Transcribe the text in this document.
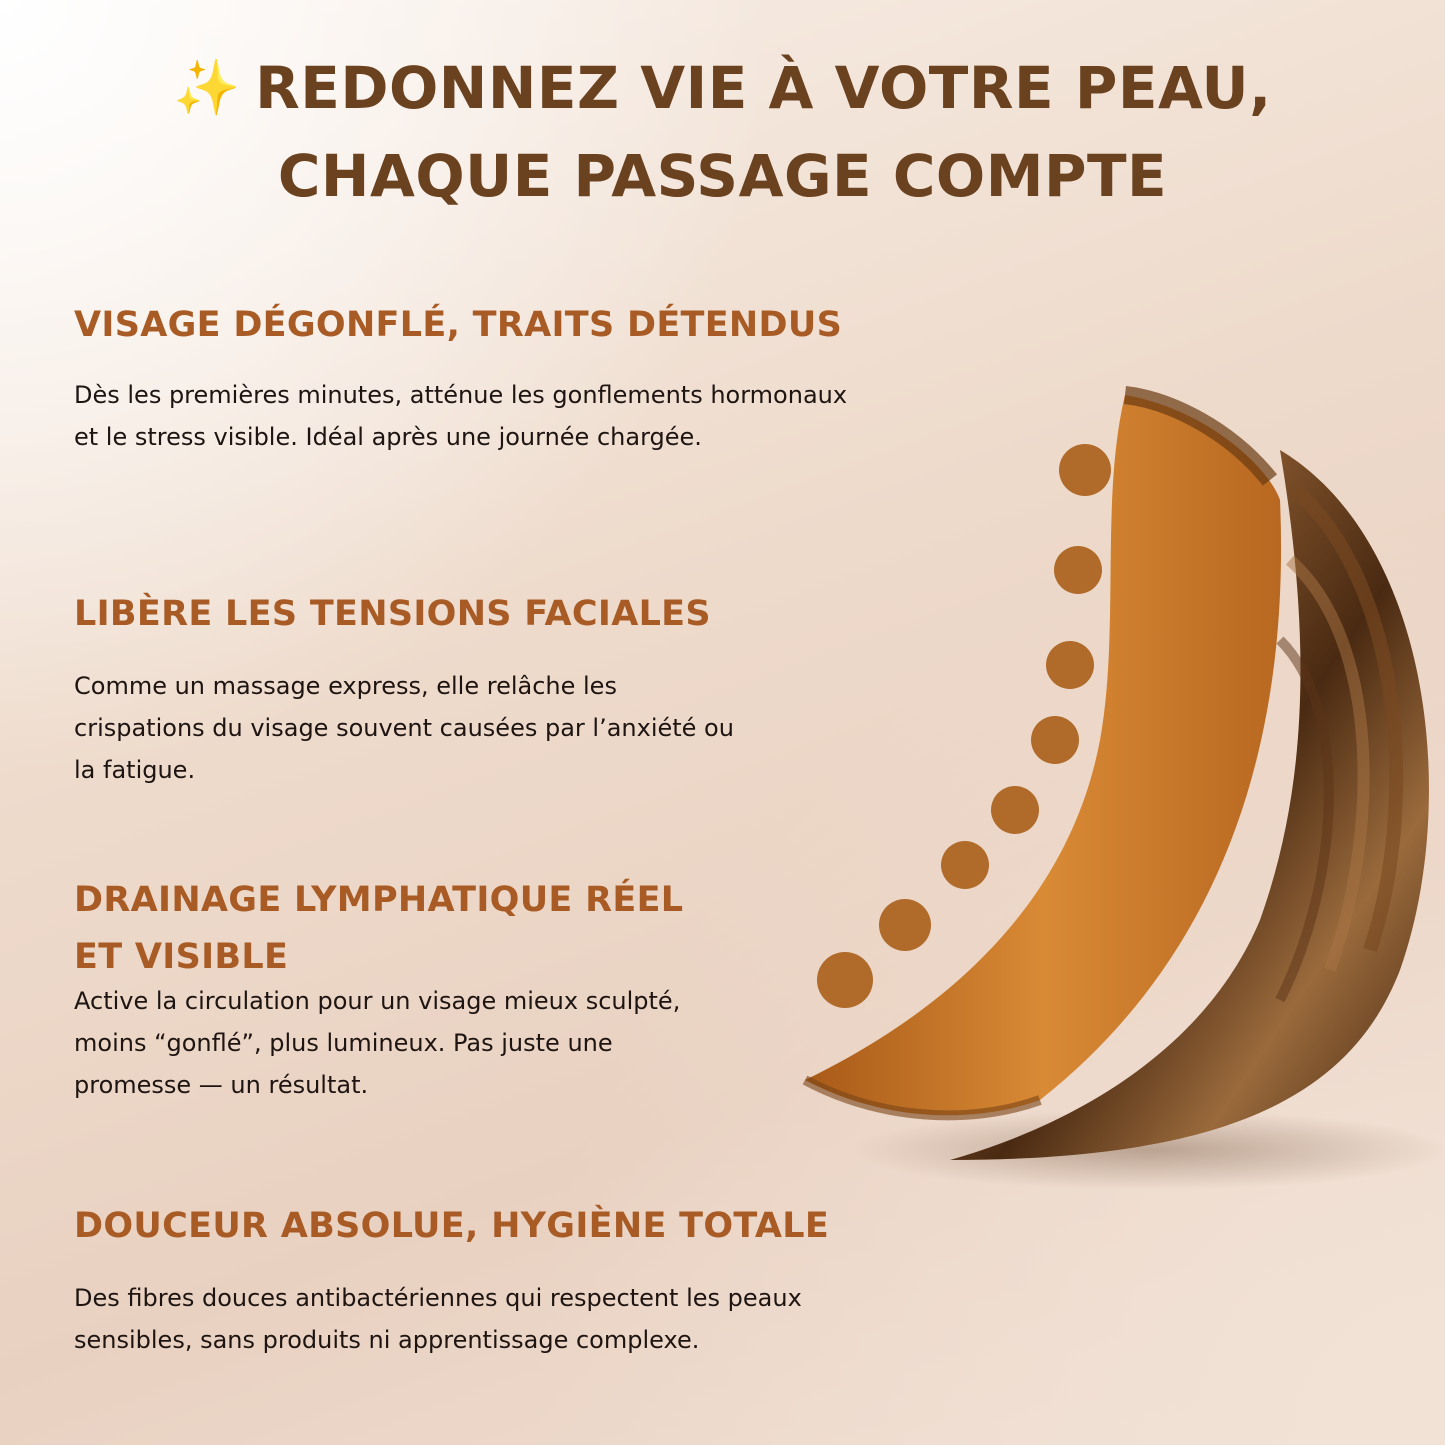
✨ REDONNEZ VIE À VOTRE PEAU,
CHAQUE PASSAGE COMPTE
VISAGE DÉGONFLÉ, TRAITS DÉTENDUS

Dès les premières minutes, atténue les gonflements hormonaux et le stress visible. Idéal après une journée chargée.

LIBÈRE LES TENSIONS FACIALES

Comme un massage express, elle relâche les crispations du visage souvent causées par l’anxiété ou la fatigue.

DRAINAGE LYMPHATIQUE RÉEL ET VISIBLE

Active la circulation pour un visage mieux sculpté, moins “gonflé”, plus lumineux. Pas juste une promesse — un résultat.

DOUCEUR ABSOLUE, HYGIÈNE TOTALE

Des fibres douces antibactériennes qui respectent les peaux sensibles, sans produits ni apprentissage complexe.
